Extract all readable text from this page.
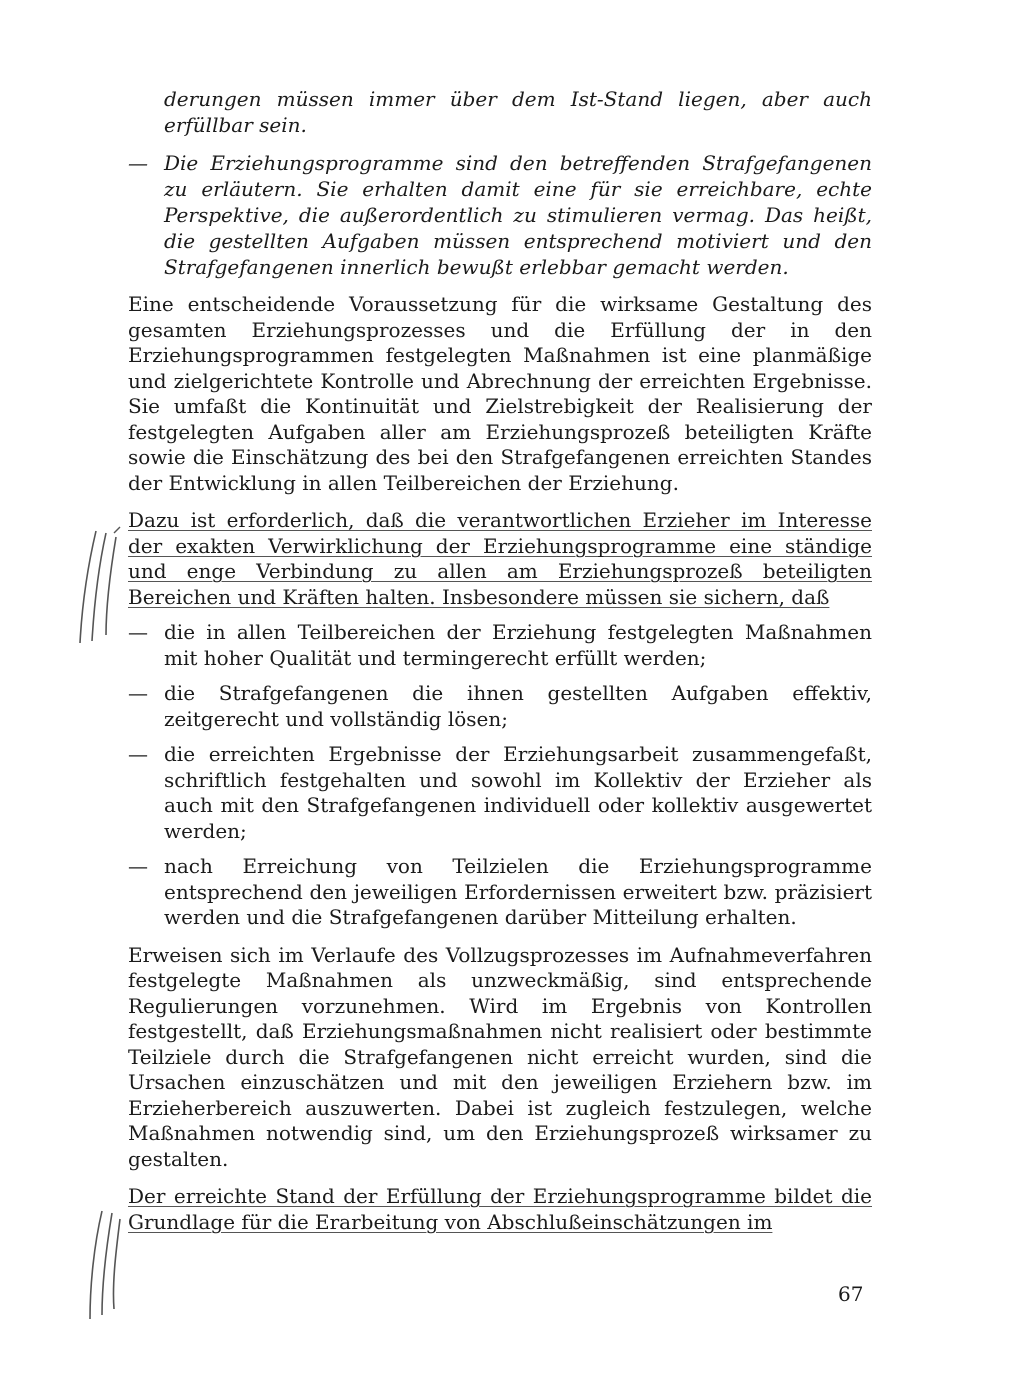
derungen müssen immer über dem Ist-Stand liegen, aber auch erfüllbar sein.
— Die Erziehungsprogramme sind den betreffenden Strafgefangenen zu erläutern. Sie erhalten damit eine für sie erreichbare, echte Perspektive, die außerordentlich zu stimulieren vermag. Das heißt, die gestellten Aufgaben müssen entsprechend motiviert und den Strafgefangenen innerlich bewußt erlebbar gemacht werden.

Eine entscheidende Voraussetzung für die wirksame Gestaltung des gesamten Erziehungsprozesses und die Erfüllung der in den Erziehungsprogrammen festgelegten Maßnahmen ist eine planmäßige und zielgerichtete Kontrolle und Abrechnung der erreichten Ergebnisse. Sie umfaßt die Kontinuität und Zielstrebigkeit der Realisierung der festgelegten Aufgaben aller am Erziehungsprozeß beteiligten Kräfte sowie die Einschätzung des bei den Strafgefangenen erreichten Standes der Entwicklung in allen Teilbereichen der Erziehung.

Dazu ist erforderlich, daß die verantwortlichen Erzieher im Interesse der exakten Verwirklichung der Erziehungsprogramme eine ständige und enge Verbindung zu allen am Erziehungsprozeß beteiligten Bereichen und Kräften halten. Insbesondere müssen sie sichern, daß

— die in allen Teilbereichen der Erziehung festgelegten Maßnahmen mit hoher Qualität und termingerecht erfüllt werden;
— die Strafgefangenen die ihnen gestellten Aufgaben effektiv, zeitgerecht und vollständig lösen;
— die erreichten Ergebnisse der Erziehungsarbeit zusammengefaßt, schriftlich festgehalten und sowohl im Kollektiv der Erzieher als auch mit den Strafgefangenen individuell oder kollektiv ausgewertet werden;
— nach Erreichung von Teilzielen die Erziehungsprogramme entsprechend den jeweiligen Erfordernissen erweitert bzw. präzisiert werden und die Strafgefangenen darüber Mitteilung erhalten.

Erweisen sich im Verlaufe des Vollzugsprozesses im Aufnahmeverfahren festgelegte Maßnahmen als unzweckmäßig, sind entsprechende Regulierungen vorzunehmen. Wird im Ergebnis von Kontrollen festgestellt, daß Erziehungsmaßnahmen nicht realisiert oder bestimmte Teilziele durch die Strafgefangenen nicht erreicht wurden, sind die Ursachen einzuschätzen und mit den jeweiligen Erziehern bzw. im Erzieherbereich auszuwerten. Dabei ist zugleich festzulegen, welche Maßnahmen notwendig sind, um den Erziehungsprozeß wirksamer zu gestalten.

Der erreichte Stand der Erfüllung der Erziehungsprogramme bildet die Grundlage für die Erarbeitung von Abschlußeinschätzungen im

67
